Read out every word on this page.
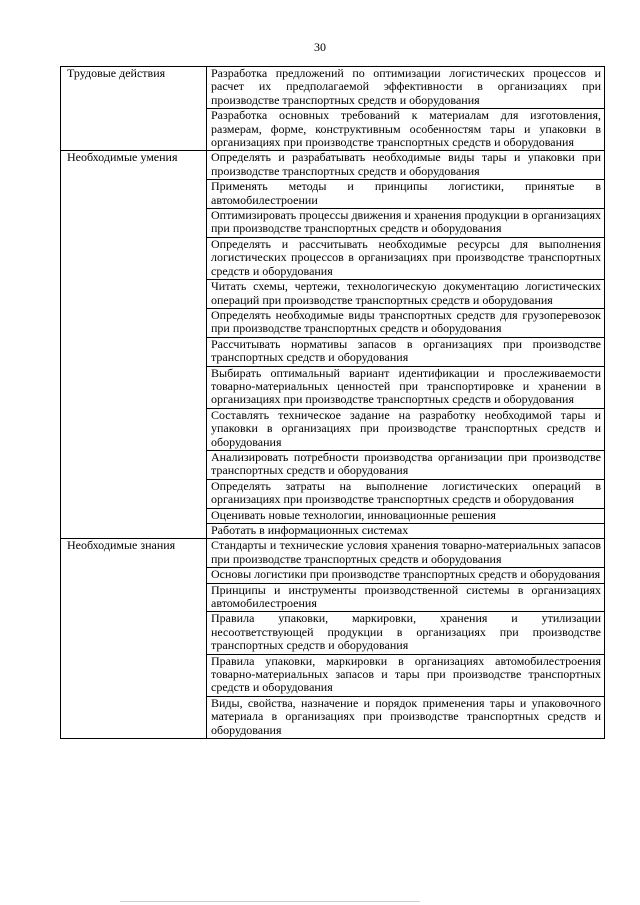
30
Трудовые действия	Разработка предложений по оптимизации логистических процессов и расчет их предполагаемой эффективности в организациях при производстве транспортных средств и оборудования
	Разработка основных требований к материалам для изготовления, размерам, форме, конструктивным особенностям тары и упаковки в организациях при производстве транспортных средств и оборудования
Необходимые умения	Определять и разрабатывать необходимые виды тары и упаковки при производстве транспортных средств и оборудования
	Применять методы и принципы логистики, принятые в автомобилестроении
	Оптимизировать процессы движения и хранения продукции в организациях при производстве транспортных средств и оборудования
	Определять и рассчитывать необходимые ресурсы для выполнения логистических процессов в организациях при производстве транспортных средств и оборудования
	Читать схемы, чертежи, технологическую документацию логистических операций при производстве транспортных средств и оборудования
	Определять необходимые виды транспортных средств для грузоперевозок при производстве транспортных средств и оборудования
	Рассчитывать нормативы запасов в организациях при производстве транспортных средств и оборудования
	Выбирать оптимальный вариант идентификации и прослеживаемости товарно-материальных ценностей при транспортировке и хранении в организациях при производстве транспортных средств и оборудования
	Составлять техническое задание на разработку необходимой тары и упаковки в организациях при производстве транспортных средств и оборудования
	Анализировать потребности производства организации при производстве транспортных средств и оборудования
	Определять затраты на выполнение логистических операций в организациях при производстве транспортных средств и оборудования
	Оценивать новые технологии, инновационные решения
	Работать в информационных системах
Необходимые знания	Стандарты и технические условия хранения товарно-материальных запасов при производстве транспортных средств и оборудования
	Основы логистики при производстве транспортных средств и оборудования
	Принципы и инструменты производственной системы в организациях автомобилестроения
	Правила упаковки, маркировки, хранения и утилизации несоответствующей продукции в организациях при производстве транспортных средств и оборудования
	Правила упаковки, маркировки в организациях автомобилестроения товарно-материальных запасов и тары при производстве транспортных средств и оборудования
	Виды, свойства, назначение и порядок применения тары и упаковочного материала в организациях при производстве транспортных средств и оборудования
